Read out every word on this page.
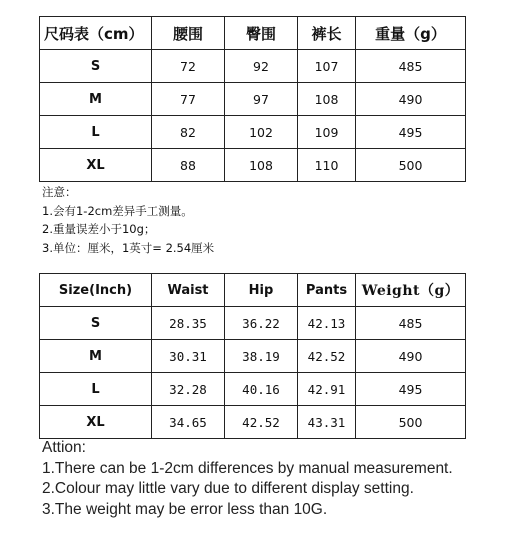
尺码表（cm）	腰围	臀围	裤长	重量（g）
S	72	92	107	485
M	77	97	108	490
L	82	102	109	495
XL	88	108	110	500
注意：
1.会有1-2cm差异手工测量。
2.重量误差小于10g；
3.单位：厘米，1英寸= 2.54厘米
Size(Inch)	Waist	Hip	Pants	Weight（g）
S	28.35	36.22	42.13	485
M	30.31	38.19	42.52	490
L	32.28	40.16	42.91	495
XL	34.65	42.52	43.31	500
Attion:
1.There can be 1-2cm differences by manual measurement.
2.Colour may little vary due to different display setting.
3.The weight may be error less than 10G.
